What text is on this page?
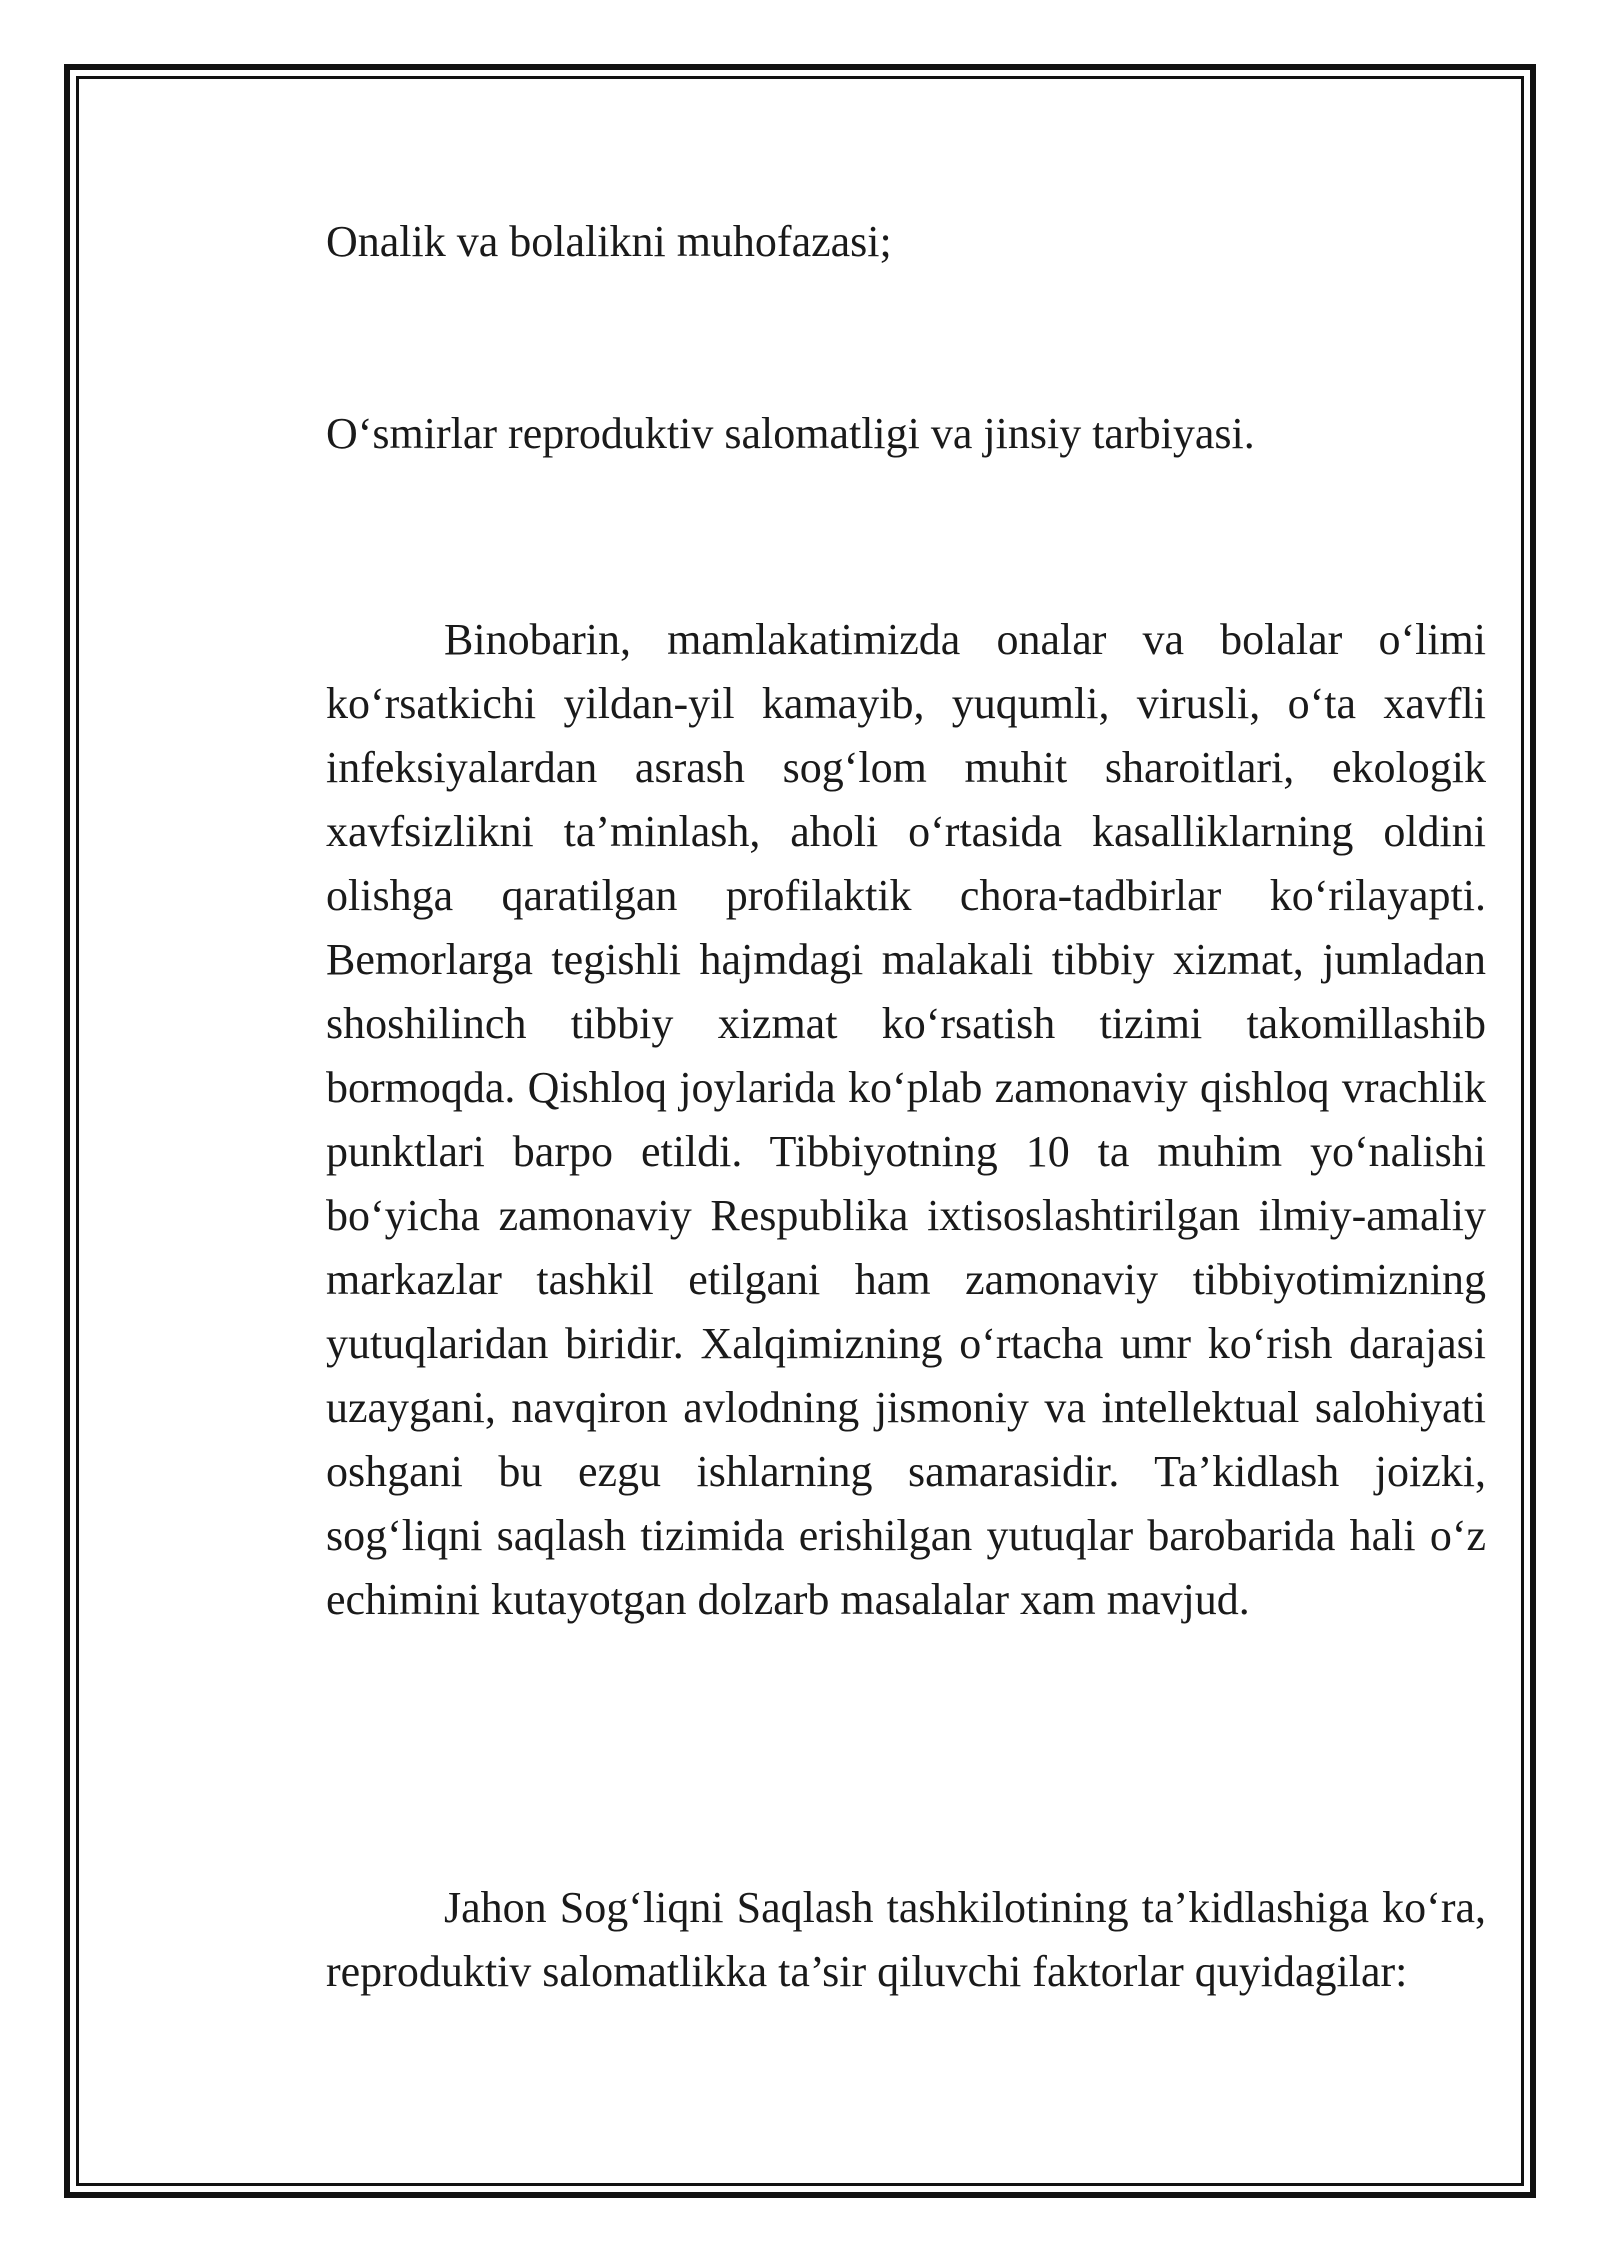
Onalik va bolalikni muhofazasi;

O‘smirlar reproduktiv salomatligi va jinsiy tarbiyasi.

Binobarin, mamlakatimizda onalar va bolalar o‘limi ko‘rsatkichi yildan-yil kamayib, yuqumli, virusli, o‘ta xavfli infeksiyalardan asrash sog‘lom muhit sharoitlari, ekologik xavfsizlikni ta’minlash, aholi o‘rtasida kasalliklarning oldini olishga qaratilgan profilaktik chora-tadbirlar ko‘rilayapti. Bemorlarga tegishli hajmdagi malakali tibbiy xizmat, jumladan shoshilinch tibbiy xizmat ko‘rsatish tizimi takomillashib bormoqda. Qishloq joylarida ko‘plab zamonaviy qishloq vrachlik punktlari barpo etildi. Tibbiyotning 10 ta muhim yo‘nalishi bo‘yicha zamonaviy Respublika ixtisoslashtirilgan ilmiy-amaliy markazlar tashkil etilgani ham zamonaviy tibbiyotimizning yutuqlaridan biridir. Xalqimizning o‘rtacha umr ko‘rish darajasi uzaygani, navqiron avlodning jismoniy va intellektual salohiyati oshgani bu ezgu ishlarning samarasidir. Ta’kidlash joizki, sog‘liqni saqlash tizimida erishilgan yutuqlar barobarida hali o‘z echimini kutayotgan dolzarb masalalar xam mavjud.

Jahon Sog‘liqni Saqlash tashkilotining ta’kidlashiga ko‘ra, reproduktiv salomatlikka ta’sir qiluvchi faktorlar quyidagilar:
